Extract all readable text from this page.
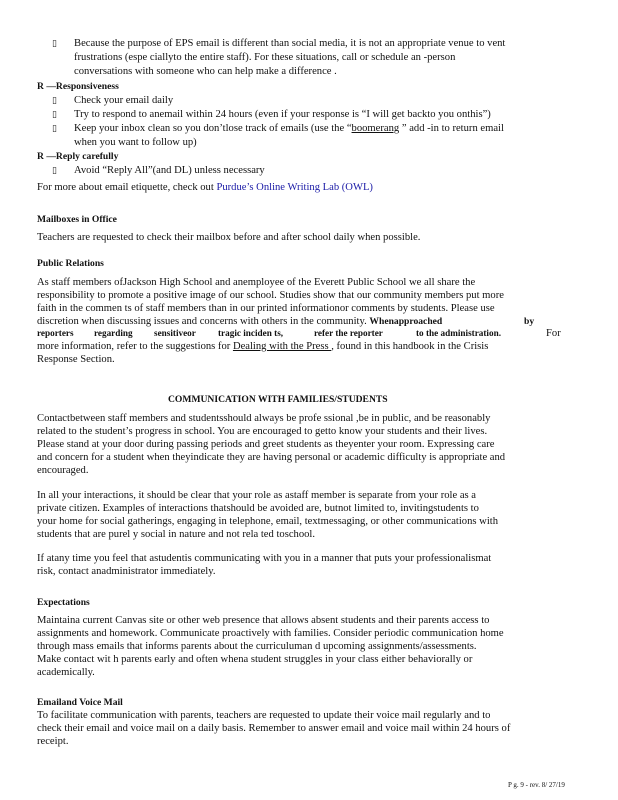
▯ Because the purpose of EPS email is different than social media, it is not an appropriate venue to vent
frustrations (espe ciallyto the entire staff). For these situations, call or schedule an -person
conversations with someone who can help make a difference .
R —Responsiveness
▯ Check your email daily
▯ Try to respond to anemail within 24 hours (even if your response is “I will get backto you onthis”)
▯ Keep your inbox clean so you don’tlose track of emails (use the “boomerang ” add -in to return email
when you want to follow up)
R —Reply carefully
▯ Avoid “Reply All”(and DL) unless necessary
For more about email etiquette, check out Purdue’s Online Writing Lab (OWL)
Mailboxes in Office
Teachers are requested to check their mailbox before and after school daily when possible.
Public Relations
As staff members ofJackson High School and anemployee of the Everett Public School we all share the
responsibility to promote a positive image of our school. Studies show that our community members put more
faith in the commen ts of staff members than in our printed informationor comments by students. Please use
discretion when discussing issues and concerns with others in the community. Whenapproached	by
reporters regarding sensitiveor tragic inciden ts,	refer the reporter	to the administration.	For
more information, refer to the suggestions for Dealing with the Press , found in this handbook in the Crisis
Response Section.
COMMUNICATION WITH FAMILIES/STUDENTS
Contactbetween staff members and studentsshould always be profe ssional ,be in public, and be reasonably
related to the student’s progress in school. You are encouraged to getto know your students and their lives.
Please stand at your door during passing periods and greet students as theyenter your room. Expressing care
and concern for a student when theyindicate they are having personal or academic difficulty is appropriate and
encouraged.
In all your interactions, it should be clear that your role as astaff member is separate from your role as a
private citizen. Examples of interactions thatshould be avoided are, butnot limited to, invitingstudents to
your home for social gatherings, engaging in telephone, email, textmessaging, or other communications with
students that are purel y social in nature and not rela ted toschool.
If atany time you feel that astudentis communicating with you in a manner that puts your professionalismat
risk, contact anadministrator immediately.
Expectations
Maintaina current Canvas site or other web presence that allows absent students and their parents access to
assignments and homework. Communicate proactively with families. Consider periodic communication home
through mass emails that informs parents about the curriculuman d upcoming assignments/assessments.
Make contact wit h parents early and often whena student struggles in your class either behaviorally or
academically.
Emailand Voice Mail
To facilitate communication with parents, teachers are requested to update their voice mail regularly and to
check their email and voice mail on a daily basis. Remember to answer email and voice mail within 24 hours of
receipt.
P g. 9 - rev. 8/ 27/19
